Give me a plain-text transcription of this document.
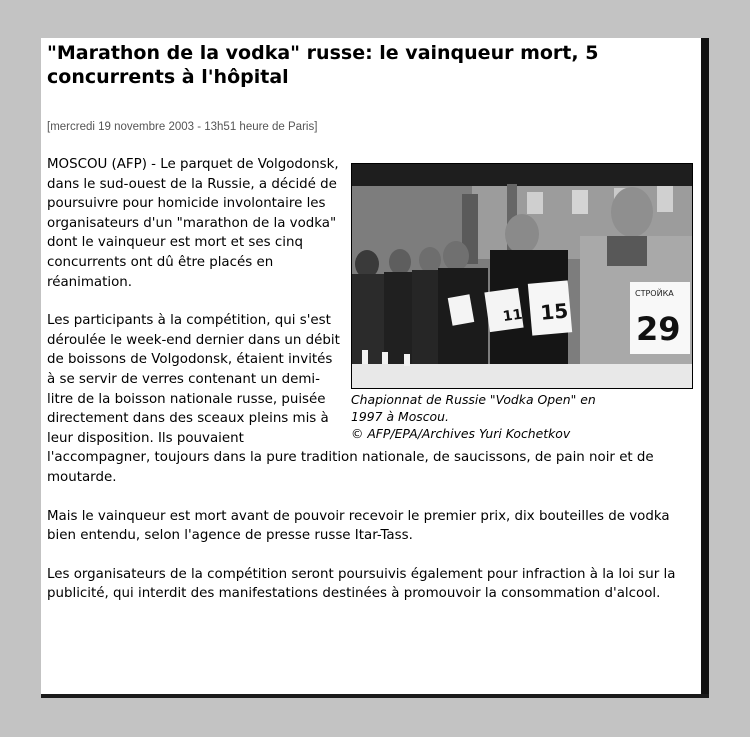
"Marathon de la vodka" russe: le vainqueur mort, 5 concurrents à l'hôpital
[mercredi 19 novembre 2003 - 13h51 heure de Paris]
11 15
СТРОЙКА
29
Chapionnat de Russie "Vodka Open" en
1997 à Moscou.
© AFP/EPA/Archives Yuri Kochetkov

MOSCOU (AFP) - Le parquet de Volgodonsk, dans le sud-ouest de la Russie, a décidé de poursuivre pour homicide involontaire les organisateurs d'un "marathon de la vodka" dont le vainqueur est mort et ses cinq concurrents ont dû être placés en réanimation.

Les participants à la compétition, qui s'est déroulée le week-end dernier dans un débit de boissons de Volgodonsk, étaient invités à se servir de verres contenant un demi-litre de la boisson nationale russe, puisée directement dans des sceaux pleins mis à leur disposition. Ils pouvaient l'accompagner, toujours dans la pure tradition nationale, de saucissons, de pain noir et de moutarde.

Mais le vainqueur est mort avant de pouvoir recevoir le premier prix, dix bouteilles de vodka bien entendu, selon l'agence de presse russe Itar-Tass.

Les organisateurs de la compétition seront poursuivis également pour infraction à la loi sur la publicité, qui interdit des manifestations destinées à promouvoir la consommation d'alcool.
